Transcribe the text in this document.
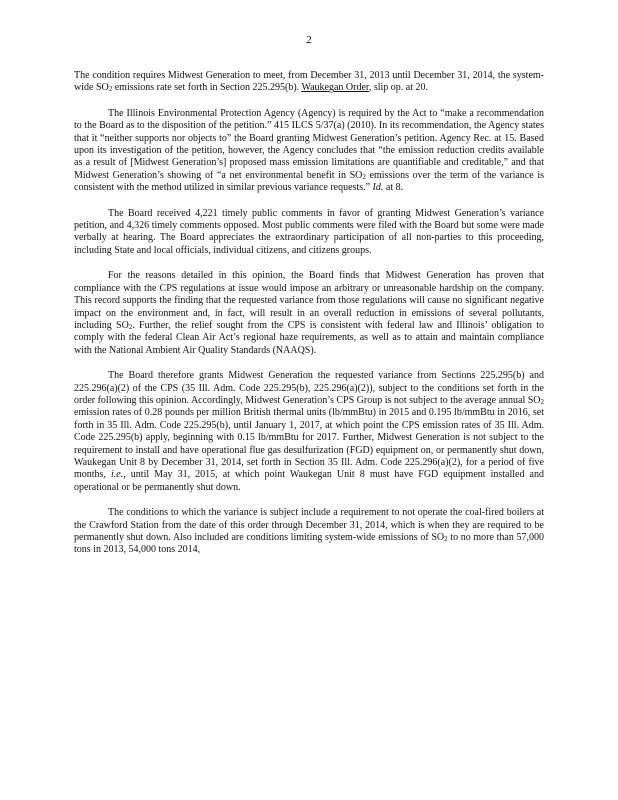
2

The condition requires Midwest Generation to meet, from December 31, 2013 until December 31, 2014, the system-wide $SO_2$ emissions rate set forth in Section 225.295(b). Waukegan Order, slip op. at 20.

The Illinois Environmental Protection Agency (Agency) is required by the Act to “make a recommendation to the Board as to the disposition of the petition.” 415 ILCS 5/37(a) (2010). In its recommendation, the Agency states that it “neither supports nor objects to” the Board granting Midwest Generation’s petition. Agency Rec. at 15. Based upon its investigation of the petition, however, the Agency concludes that “the emission reduction credits available as a result of [Midwest Generation’s] proposed mass emission limitations are quantifiable and creditable,” and that Midwest Generation’s showing of “a net environmental benefit in $SO_2$ emissions over the term of the variance is consistent with the method utilized in similar previous variance requests.” Id. at 8.

The Board received 4,221 timely public comments in favor of granting Midwest Generation’s variance petition, and 4,326 timely comments opposed. Most public comments were filed with the Board but some were made verbally at hearing. The Board appreciates the extraordinary participation of all non-parties to this proceeding, including State and local officials, individual citizens, and citizens groups.

For the reasons detailed in this opinion, the Board finds that Midwest Generation has proven that compliance with the CPS regulations at issue would impose an arbitrary or unreasonable hardship on the company. This record supports the finding that the requested variance from those regulations will cause no significant negative impact on the environment and, in fact, will result in an overall reduction in emissions of several pollutants, including $SO_2$. Further, the relief sought from the CPS is consistent with federal law and Illinois’ obligation to comply with the federal Clean Air Act’s regional haze requirements, as well as to attain and maintain compliance with the National Ambient Air Quality Standards (NAAQS).

The Board therefore grants Midwest Generation the requested variance from Sections 225.295(b) and 225.296(a)(2) of the CPS (35 Ill. Adm. Code 225.295(b), 225.296(a)(2)), subject to the conditions set forth in the order following this opinion. Accordingly, Midwest Generation’s CPS Group is not subject to the average annual $SO_2$ emission rates of 0.28 pounds per million British thermal units (lb/mmBtu) in 2015 and 0.195 lb/mmBtu in 2016, set forth in 35 Ill. Adm. Code 225.295(b), until January 1, 2017, at which point the CPS emission rates of 35 Ill. Adm. Code 225.295(b) apply, beginning with 0.15 lb/mmBtu for 2017. Further, Midwest Generation is not subject to the requirement to install and have operational flue gas desulfurization (FGD) equipment on, or permanently shut down, Waukegan Unit 8 by December 31, 2014, set forth in Section 35 Ill. Adm. Code 225.296(a)(2), for a period of five months, i.e., until May 31, 2015, at which point Waukegan Unit 8 must have FGD equipment installed and operational or be permanently shut down.

The conditions to which the variance is subject include a requirement to not operate the coal-fired boilers at the Crawford Station from the date of this order through December 31, 2014, which is when they are required to be permanently shut down. Also included are conditions limiting system-wide emissions of $SO_2$ to no more than 57,000 tons in 2013, 54,000 tons 2014,
